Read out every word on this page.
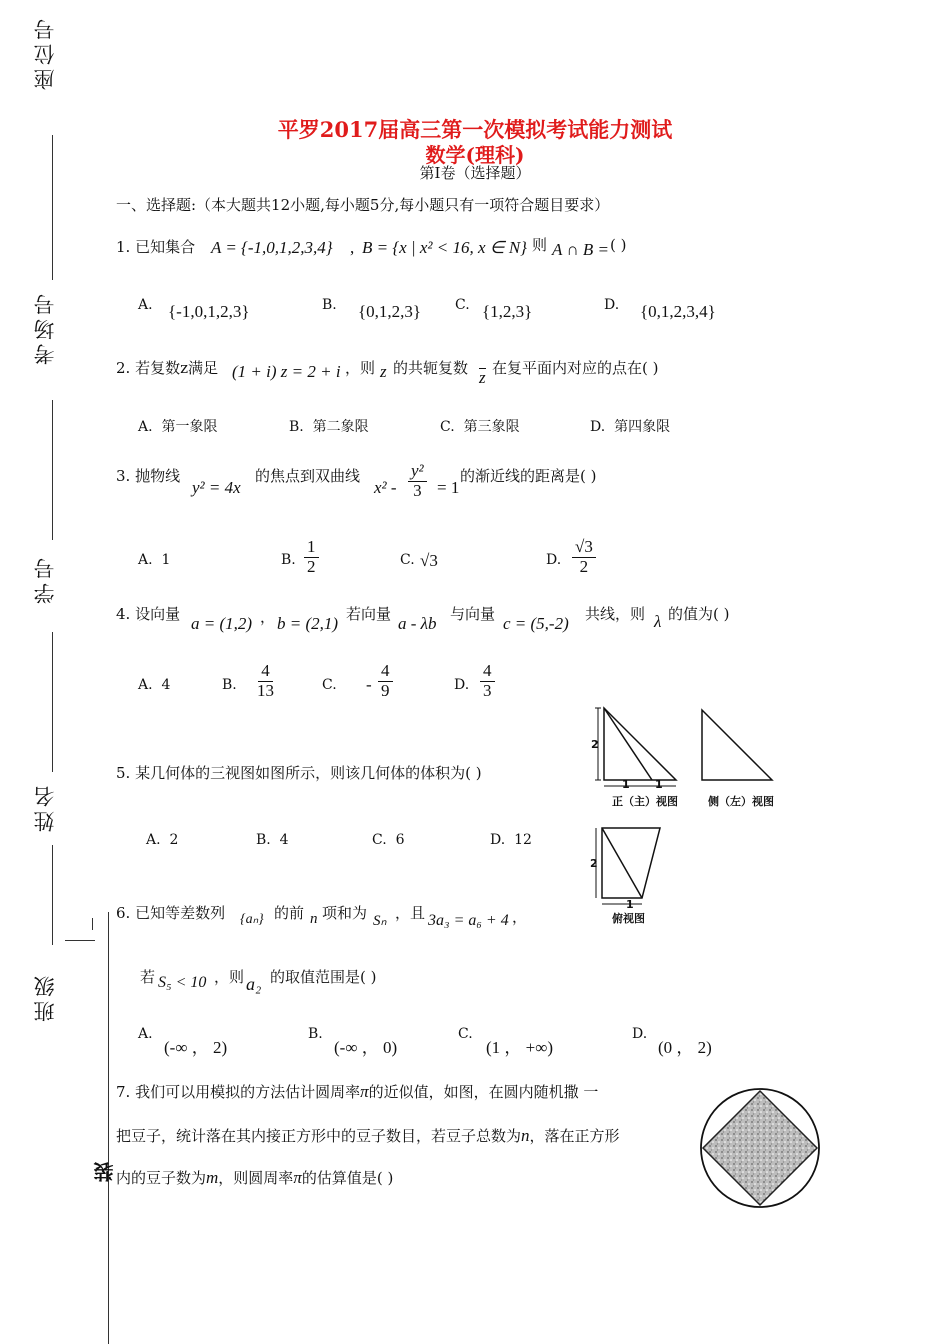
座位号
考场号
学号
姓名
班级
装
平罗2017届高三第一次模拟考试能力测试
数学(理科)
第Ⅰ卷（选择题）
一、选择题:（本大题共12小题,每小题5分,每小题只有一项符合题目要求）
1. 已知集合 A = {-1,0,1,2,3,4} , B = {x | x² < 16, x ∈ N} 则 A ∩ B = ( )
A. {-1,0,1,2,3}	B. {0,1,2,3} C. {1,2,3}	D. {0,1,2,3,4}
2. 若复数z满足 (1 + i) z = 2 + i ，则 z 的共轭复数 z 在复平面内对应的点在( )
A. 第一象限	B. 第二象限	C. 第三象限	D. 第四象限
3. 抛物线
y² = 4x
的焦点到双曲线
$x^2 - \frac{\text{y²}}{3} = 1$
的渐近线的距离是( )
A. 1	B. $\frac{1}{2}$	C. √3	D. $\frac{√3}{2}$
4. 设向量 a = (1,2) ， b = (2,1) 若向量 a - λb 与向量 c = (5,-2) 共线，则 λ 的值为( )
A. 4	B. $\frac{4}{13}$	C. - $\frac{4}{9}$	D. $\frac{4}{3}$
5. 某几何体的三视图如图所示，则该几何体的体积为( )
A. 2	B. 4	C. 6	D. 12
2
1 1
正（主）视图	侧（左）视图
2
1
俯视图
6. 已知等差数列 {aₙ} 的前 n 项和为 Sₙ ，且 3a₃ = a₆ + 4 ，
若 S₅ < 10 ，则 a₂ 的取值范围是( )
A.
(-∞ ， 2)
B.
(-∞ ， 0)
C.
(1 ， +∞)
D.
(0 ， 2)
7. 我们可以用模拟的方法估计圆周率π的近似值，如图，在圆内随机撒 一
把豆子，统计落在其内接正方形中的豆子数目，若豆子总数为n，落在正方形
内的豆子数为m，则圆周率π的估算值是( )
